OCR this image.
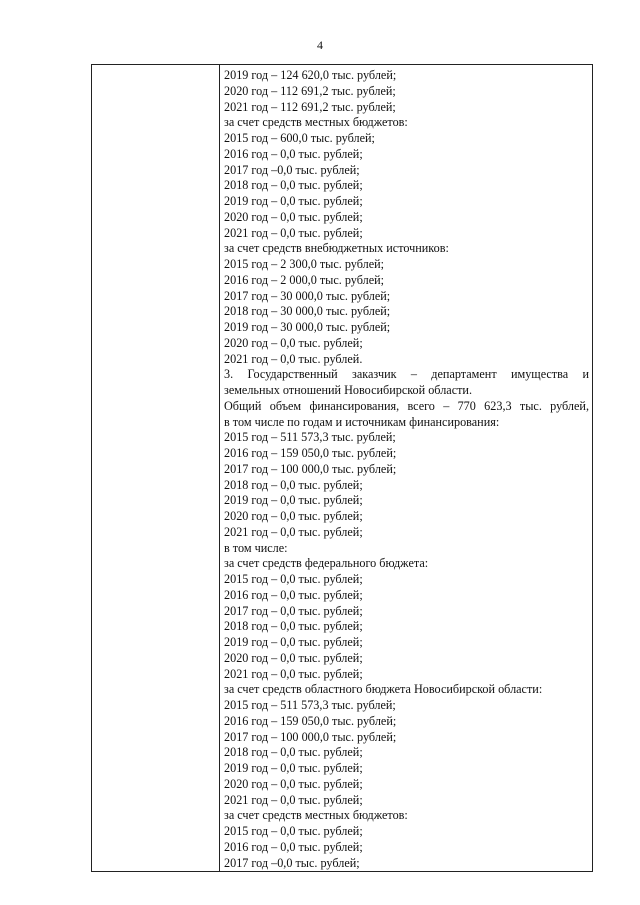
4

2019 год – 124 620,0 тыс. рублей;
2020 год – 112 691,2 тыс. рублей;
2021 год – 112 691,2 тыс. рублей;
за счет средств местных бюджетов:
2015 год – 600,0 тыс. рублей;
2016 год – 0,0 тыс. рублей;
2017 год –0,0 тыс. рублей;
2018 год – 0,0 тыс. рублей;
2019 год – 0,0 тыс. рублей;
2020 год – 0,0 тыс. рублей;
2021 год – 0,0 тыс. рублей;
за счет средств внебюджетных источников:
2015 год – 2 300,0 тыс. рублей;
2016 год – 2 000,0 тыс. рублей;
2017 год – 30 000,0 тыс. рублей;
2018 год – 30 000,0 тыс. рублей;
2019 год – 30 000,0 тыс. рублей;
2020 год – 0,0 тыс. рублей;
2021 год – 0,0 тыс. рублей.
3. Государственный заказчик – департамент имущества и
земельных отношений Новосибирской области.
Общий объем финансирования, всего – 770 623,3 тыс. рублей,
в том числе по годам и источникам финансирования:
2015 год – 511 573,3 тыс. рублей;
2016 год – 159 050,0 тыс. рублей;
2017 год – 100 000,0 тыс. рублей;
2018 год – 0,0 тыс. рублей;
2019 год – 0,0 тыс. рублей;
2020 год – 0,0 тыс. рублей;
2021 год – 0,0 тыс. рублей;
в том числе:
за счет средств федерального бюджета:
2015 год – 0,0 тыс. рублей;
2016 год – 0,0 тыс. рублей;
2017 год – 0,0 тыс. рублей;
2018 год – 0,0 тыс. рублей;
2019 год – 0,0 тыс. рублей;
2020 год – 0,0 тыс. рублей;
2021 год – 0,0 тыс. рублей;
за счет средств областного бюджета Новосибирской области:
2015 год – 511 573,3 тыс. рублей;
2016 год – 159 050,0 тыс. рублей;
2017 год – 100 000,0 тыс. рублей;
2018 год – 0,0 тыс. рублей;
2019 год – 0,0 тыс. рублей;
2020 год – 0,0 тыс. рублей;
2021 год – 0,0 тыс. рублей;
за счет средств местных бюджетов:
2015 год – 0,0 тыс. рублей;
2016 год – 0,0 тыс. рублей;
2017 год –0,0 тыс. рублей;
